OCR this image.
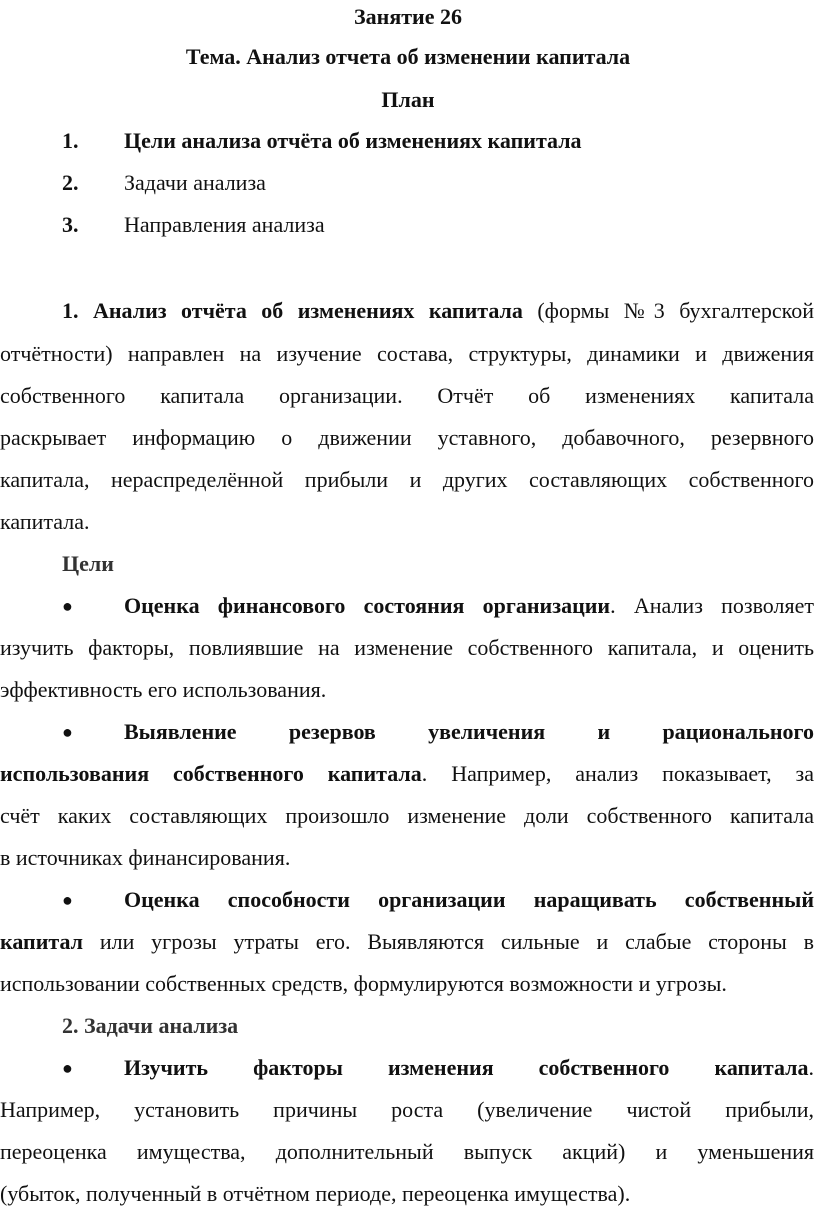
Занятие 26
Тема. Анализ отчета об изменении капитала
План
1.	Цели анализа отчёта об изменениях капитала
2.	Задачи анализа
3.	Направления анализа
1. Анализ отчёта об изменениях капитала (формы №3 бухгалтерской
отчётности) направлен на изучение состава, структуры, динамики и движения
собственного капитала организации. Отчёт об изменениях капитала
раскрывает информацию о движении уставного, добавочного, резервного
капитала, нераспределённой прибыли и других составляющих собственного
капитала.
Цели
● Оценка финансового состояния организации. Анализ позволяет
изучить факторы, повлиявшие на изменение собственного капитала, и оценить
эффективность его использования.
● Выявление резервов увеличения и рационального
использования собственного капитала. Например, анализ показывает, за
счёт каких составляющих произошло изменение доли собственного капитала
в источниках финансирования.
● Оценка способности организации наращивать собственный
капитал или угрозы утраты его. Выявляются сильные и слабые стороны в
использовании собственных средств, формулируются возможности и угрозы.
2. Задачи анализа
● Изучить факторы изменения собственного капитала.
Например, установить причины роста (увеличение чистой прибыли,
переоценка имущества, дополнительный выпуск акций) и уменьшения
(убыток, полученный в отчётном периоде, переоценка имущества).
